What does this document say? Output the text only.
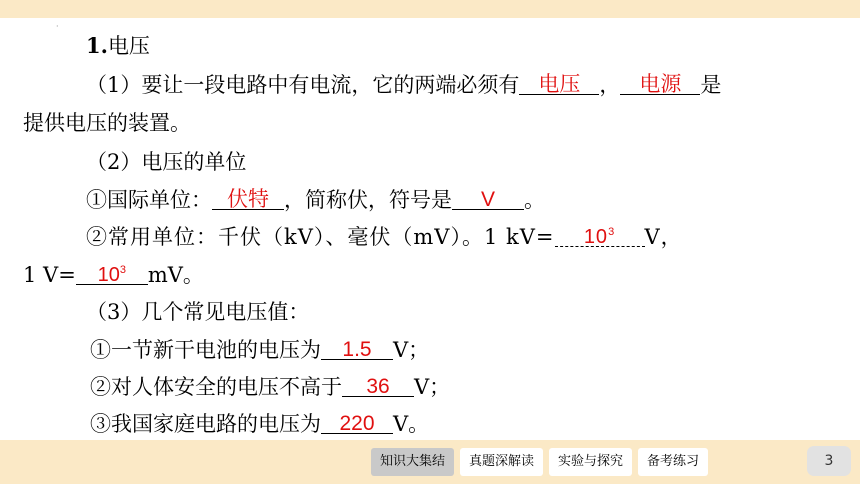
·
1.电压
（1）要让一段电路中有电流，它的两端必须有 电压 ， 电源 是
提供电压的装置。
（2）电压的单位
①国际单位： 伏特 ，简称伏，符号是	V	。
②常用单位：千伏（kV）、毫伏（mV）。1 kV=	$10^3$	V，
1 V=	$10^3$	mV。
（3）几个常见电压值：
①一节新干电池的电压为	1.5	V；
②对人体安全的电压不高于	36	V；
③我国家庭电路的电压为 220 V。
知识大集结	真题深解读	实验与探究	备考练习	3
